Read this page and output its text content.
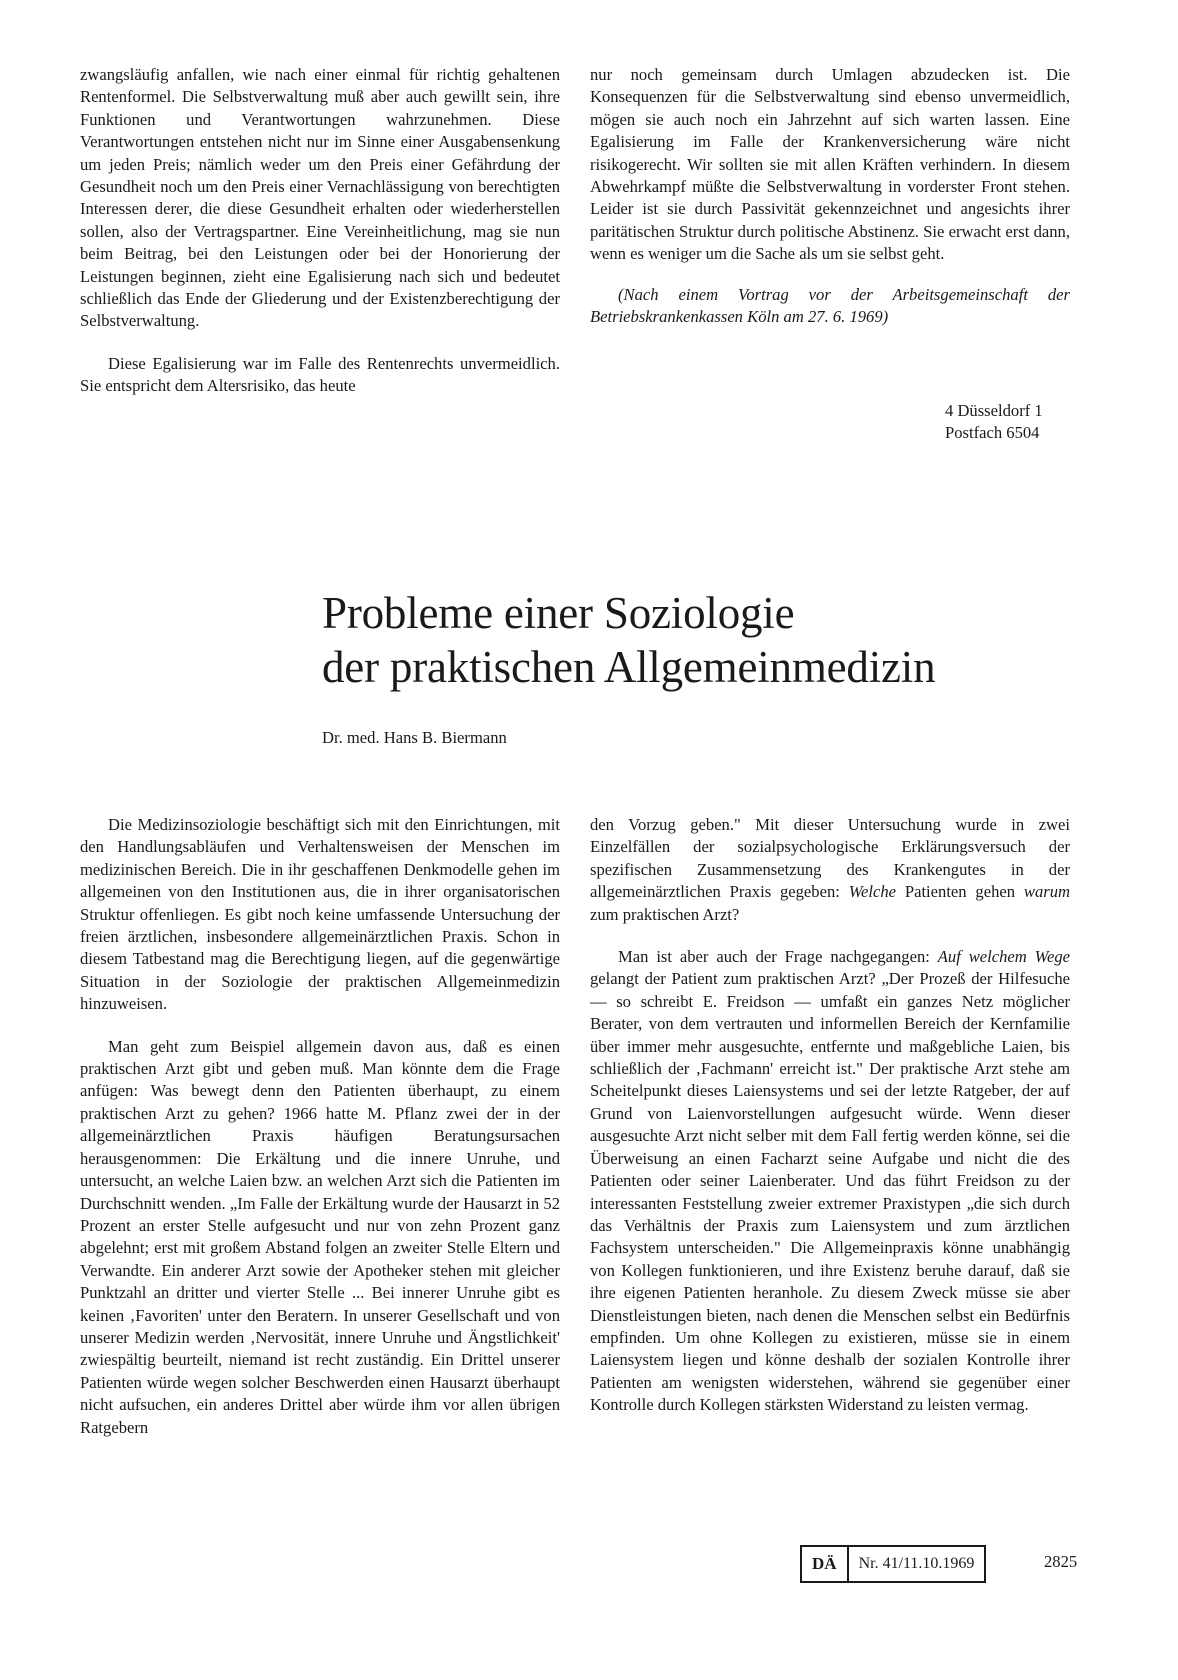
zwangsläufig anfallen, wie nach einer einmal für richtig gehaltenen Rentenformel. Die Selbstverwaltung muß aber auch gewillt sein, ihre Funktionen und Verantwortungen wahrzunehmen. Diese Verantwortungen entstehen nicht nur im Sinne einer Ausgabensenkung um jeden Preis; nämlich weder um den Preis einer Gefährdung der Gesundheit noch um den Preis einer Vernachlässigung von berechtigten Interessen derer, die diese Gesundheit erhalten oder wiederherstellen sollen, also der Vertragspartner. Eine Vereinheitlichung, mag sie nun beim Beitrag, bei den Leistungen oder bei der Honorierung der Leistungen beginnen, zieht eine Egalisierung nach sich und bedeutet schließlich das Ende der Gliederung und der Existenzberechtigung der Selbstverwaltung.

Diese Egalisierung war im Falle des Rentenrechts unvermeidlich. Sie entspricht dem Altersrisiko, das heute

nur noch gemeinsam durch Umlagen abzudecken ist. Die Konsequenzen für die Selbstverwaltung sind ebenso unvermeidlich, mögen sie auch noch ein Jahrzehnt auf sich warten lassen. Eine Egalisierung im Falle der Krankenversicherung wäre nicht risikogerecht. Wir sollten sie mit allen Kräften verhindern. In diesem Abwehrkampf müßte die Selbstverwaltung in vorderster Front stehen. Leider ist sie durch Passivität gekennzeichnet und angesichts ihrer paritätischen Struktur durch politische Abstinenz. Sie erwacht erst dann, wenn es weniger um die Sache als um sie selbst geht.

(Nach einem Vortrag vor der Arbeitsgemeinschaft der Betriebskrankenkassen Köln am 27. 6. 1969)

4 Düsseldorf 1
Postfach 6504
Probleme einer Soziologie
der praktischen Allgemeinmedizin
Dr. med. Hans B. Biermann

Die Medizinsoziologie beschäftigt sich mit den Einrichtungen, mit den Handlungsabläufen und Verhaltensweisen der Menschen im medizinischen Bereich. Die in ihr geschaffenen Denkmodelle gehen im allgemeinen von den Institutionen aus, die in ihrer organisatorischen Struktur offenliegen. Es gibt noch keine umfassende Untersuchung der freien ärztlichen, insbesondere allgemeinärztlichen Praxis. Schon in diesem Tatbestand mag die Berechtigung liegen, auf die gegenwärtige Situation in der Soziologie der praktischen Allgemeinmedizin hinzuweisen.

Man geht zum Beispiel allgemein davon aus, daß es einen praktischen Arzt gibt und geben muß. Man könnte dem die Frage anfügen: Was bewegt denn den Patienten überhaupt, zu einem praktischen Arzt zu gehen? 1966 hatte M. Pflanz zwei der in der allgemeinärztlichen Praxis häufigen Beratungsursachen herausgenommen: Die Erkältung und die innere Unruhe, und untersucht, an welche Laien bzw. an welchen Arzt sich die Patienten im Durchschnitt wenden. „Im Falle der Erkältung wurde der Hausarzt in 52 Prozent an erster Stelle aufgesucht und nur von zehn Prozent ganz abgelehnt; erst mit großem Abstand folgen an zweiter Stelle Eltern und Verwandte. Ein anderer Arzt sowie der Apotheker stehen mit gleicher Punktzahl an dritter und vierter Stelle ... Bei innerer Unruhe gibt es keinen ‚Favoriten' unter den Beratern. In unserer Gesellschaft und von unserer Medizin werden ‚Nervosität, innere Unruhe und Ängstlichkeit' zwiespältig beurteilt, niemand ist recht zuständig. Ein Drittel unserer Patienten würde wegen solcher Beschwerden einen Hausarzt überhaupt nicht aufsuchen, ein anderes Drittel aber würde ihm vor allen übrigen Ratgebern

den Vorzug geben." Mit dieser Untersuchung wurde in zwei Einzelfällen der sozialpsychologische Erklärungsversuch der spezifischen Zusammensetzung des Krankengutes in der allgemeinärztlichen Praxis gegeben: Welche Patienten gehen warum zum praktischen Arzt?

Man ist aber auch der Frage nachgegangen: Auf welchem Wege gelangt der Patient zum praktischen Arzt? „Der Prozeß der Hilfesuche — so schreibt E. Freidson — umfaßt ein ganzes Netz möglicher Berater, von dem vertrauten und informellen Bereich der Kernfamilie über immer mehr ausgesuchte, entfernte und maßgebliche Laien, bis schließlich der ‚Fachmann' erreicht ist." Der praktische Arzt stehe am Scheitelpunkt dieses Laiensystems und sei der letzte Ratgeber, der auf Grund von Laienvorstellungen aufgesucht würde. Wenn dieser ausgesuchte Arzt nicht selber mit dem Fall fertig werden könne, sei die Überweisung an einen Facharzt seine Aufgabe und nicht die des Patienten oder seiner Laienberater. Und das führt Freidson zu der interessanten Feststellung zweier extremer Praxistypen „die sich durch das Verhältnis der Praxis zum Laiensystem und zum ärztlichen Fachsystem unterscheiden." Die Allgemeinpraxis könne unabhängig von Kollegen funktionieren, und ihre Existenz beruhe darauf, daß sie ihre eigenen Patienten heranhole. Zu diesem Zweck müsse sie aber Dienstleistungen bieten, nach denen die Menschen selbst ein Bedürfnis empfinden. Um ohne Kollegen zu existieren, müsse sie in einem Laiensystem liegen und könne deshalb der sozialen Kontrolle ihrer Patienten am wenigsten widerstehen, während sie gegenüber einer Kontrolle durch Kollegen stärksten Widerstand zu leisten vermag.

DÄ	Nr. 41/11.10.1969	2825
